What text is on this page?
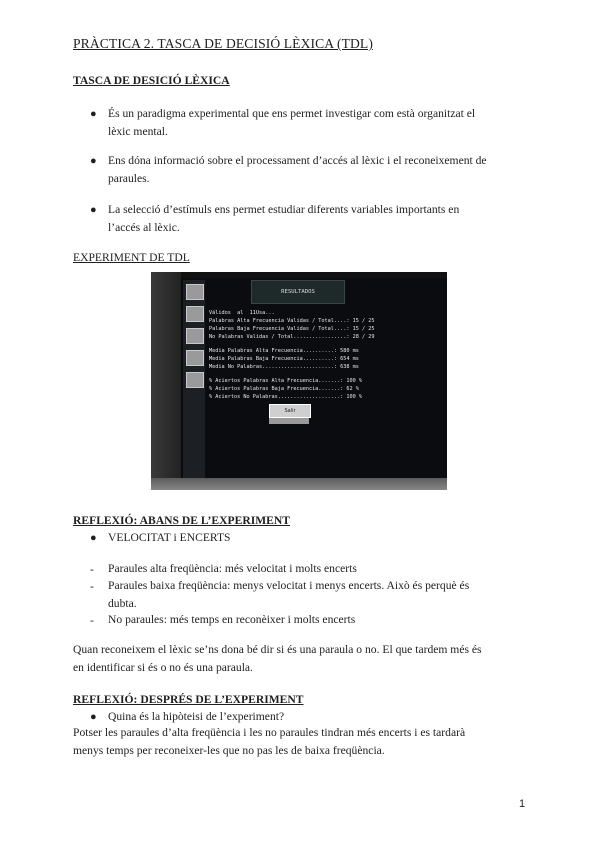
PRÀCTICA 2. TASCA DE DECISIÓ LÈXICA (TDL)
TASCA DE DESICIÓ LÈXICA
● És un paradigma experimental que ens permet investigar com està organitzat el
lèxic mental.
● Ens dóna informació sobre el processament d’accés al lèxic i el reconeixement de
paraules.
● La selecció d’estímuls ens permet estudiar diferents variables importants en
l’accés al lèxic.
EXPERIMENT DE TDL
RESULTADOS
Válidos  al  11Usa...
Palabras Alta Frecuencia Validas / Total....: 15 / 25
Palabras Baja Frecuencia Validas / Total....: 15 / 25
No Palabras Validas / Total.................: 28 / 29
Media Palabras Alta Frecuencia..........: 580 ms
Media Palabras Baja Frecuencia..........: 654 ms
Media No Palabras.......................: 638 ms
% Aciertos Palabras Alta Frecuencia.......: 100 %
% Aciertos Palabras Baja Frecuencia.......: 62 %
% Aciertos No Palabras....................: 100 %
Salir
REFLEXIÓ: ABANS DE L’EXPERIMENT
● VELOCITAT i ENCERTS
- Paraules alta freqüència: més velocitat i molts encerts
- Paraules baixa freqüència: menys velocitat i menys encerts. Això és perquè és
dubta.
- No paraules: més temps en reconèixer i molts encerts
Quan reconeixem el lèxic se’ns dona bé dir si és una paraula o no. El que tardem més és
en identificar si és o no és una paraula.
REFLEXIÓ: DESPRÉS DE L’EXPERIMENT
● Quina és la hipòteisi de l’experiment?
Potser les paraules d’alta freqüència i les no paraules tindran més encerts i es tardarà
menys temps per reconeixer-les que no pas les de baixa freqüència.
1
